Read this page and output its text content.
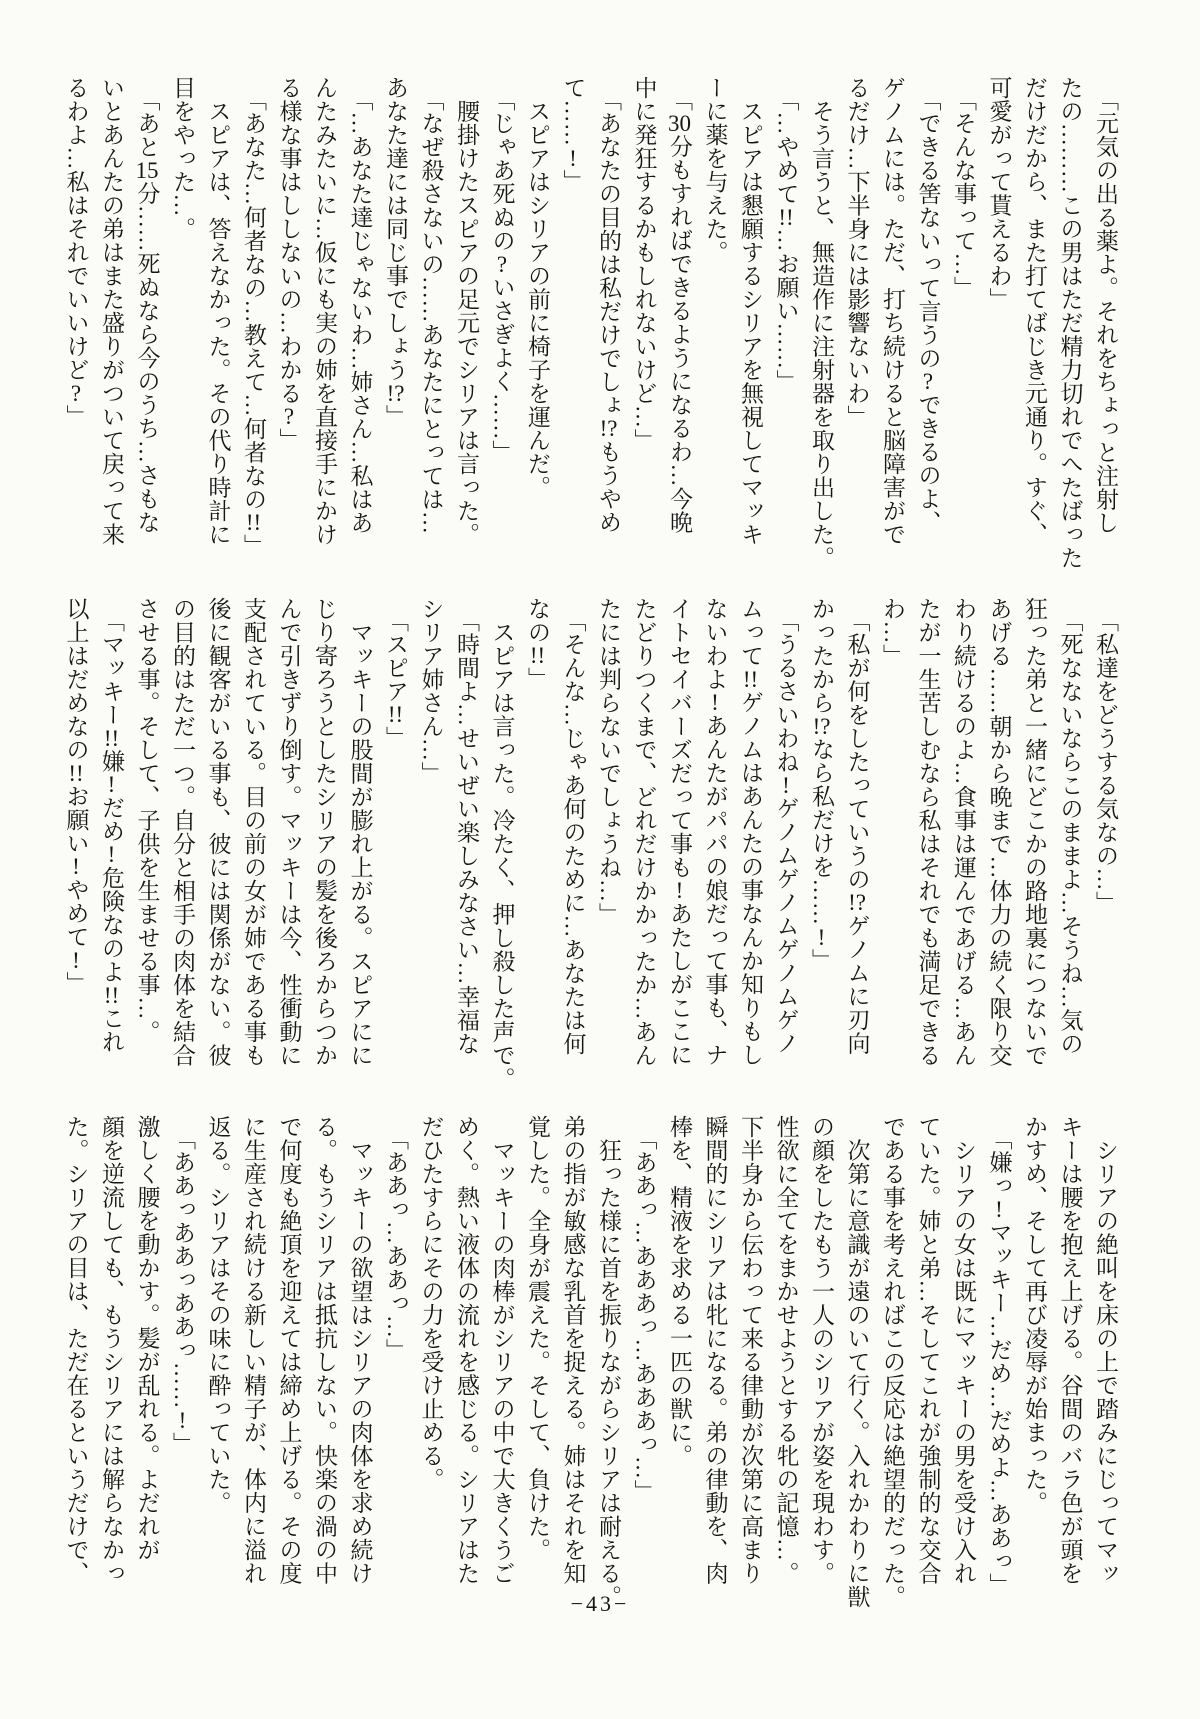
　「元気の出る薬よ。それをちょっと注射し
たの………この男はただ精力切れでへたばった
だけだから、また打てばじき元通り。すぐ、
可愛がって貰えるわ」
　「そんな事って…」
　「できる筈ないって言うの?できるのよ、
ゲノムには。ただ、打ち続けると脳障害がで
るだけ…下半身には影響ないわ」
　そう言うと、無造作に注射器を取り出した。
　「…やめて!!…お願い……」
　スピアは懇願するシリアを無視してマッキ
ーに薬を与えた。
　「30分もすればできるようになるわ…今晩
中に発狂するかもしれないけど…」
　「あなたの目的は私だけでしょ!?もうやめ
て……!」
　スピアはシリアの前に椅子を運んだ。
　「じゃあ死ぬの?いさぎよく……」
　腰掛けたスピアの足元でシリアは言った。
　「なぜ殺さないの……あなたにとっては…
あなた達には同じ事でしょう!?」
　「…あなた達じゃないわ…姉さん…私はあ
んたみたいに…仮にも実の姉を直接手にかけ
る様な事はししないの…わかる?」
　「あなた…何者なの…教えて…何者なの!!」
　スピアは、答えなかった。その代り時計に
目をやった…。
　「あと15分……死ぬなら今のうち…さもな
いとあんたの弟はまた盛りがついて戻って来
るわよ…私はそれでいいけど?」
　「私達をどうする気なの…」
　「死なないならこのままよ…そうね…気の
狂った弟と一緒にどこかの路地裏につないで
あげる……朝から晩まで…体力の続く限り交
わり続けるのよ…食事は運んであげる…あん
たが一生苦しむなら私はそれでも満足できる
わ…」
　「私が何をしたっていうの!?ゲノムに刃向
かったから!?なら私だけを……!」
　「うるさいわね!ゲノムゲノムゲノムゲノ
ムって!!ゲノムはあんたの事なんか知りもし
ないわよ!あんたがパパの娘だって事も、ナ
イトセイバーズだって事も!あたしがここに
たどりつくまで、どれだけかかったか…あん
たには判らないでしょうね…」
　「そんな…じゃあ何のために…あなたは何
なの!!」
　スピアは言った。冷たく、押し殺した声で。
　「時間よ…せいぜい楽しみなさい…幸福な
シリア姉さん…」
　「スピア!!」
　マッキーの股間が膨れ上がる。スピアにに
じり寄ろうとしたシリアの髪を後ろからつか
んで引きずり倒す。マッキーは今、性衝動に
支配されている。目の前の女が姉である事も
後に観客がいる事も、彼には関係がない。彼
の目的はただ一つ。自分と相手の肉体を結合
させる事。そして、子供を生ませる事…。
　「マッキー!!嫌!だめ!危険なのよ!!これ
以上はだめなの!!お願い!やめて!」
　シリアの絶叫を床の上で踏みにじってマッ
キーは腰を抱え上げる。谷間のバラ色が頭を
かすめ、そして再び凌辱が始まった。
　「嫌っ!マッキー…だめ…だめよ…ああっ」
　シリアの女は既にマッキーの男を受け入れ
ていた。姉と弟…そしてこれが強制的な交合
である事を考えればこの反応は絶望的だった。
　次第に意識が遠のいて行く。入れかわりに獣
の顔をしたもう一人のシリアが姿を現わす。
性欲に全てをまかせようとする牝の記憶…。
下半身から伝わって来る律動が次第に高まり
瞬間的にシリアは牝になる。弟の律動を、肉
棒を、精液を求める一匹の獣に。
　「ああっ…あああっ…あああっ…」
　狂った様に首を振りながらシリアは耐える。
弟の指が敏感な乳首を捉える。姉はそれを知
覚した。全身が震えた。そして、負けた。
　マッキーの肉棒がシリアの中で大きくうご
めく。熱い液体の流れを感じる。シリアはた
だひたすらにその力を受け止める。
　「ああっ…ああっ…」
　マッキーの欲望はシリアの肉体を求め続け
る。もうシリアは抵抗しない。快楽の渦の中
で何度も絶頂を迎えては締め上げる。その度
に生産され続ける新しい精子が、体内に溢れ
返る。シリアはその味に酔っていた。
　「ああっああっああっ……!」
激しく腰を動かす。髪が乱れる。よだれが
顔を逆流しても、もうシリアには解らなかっ
た。シリアの目は、ただ在るというだけで、
−43−
